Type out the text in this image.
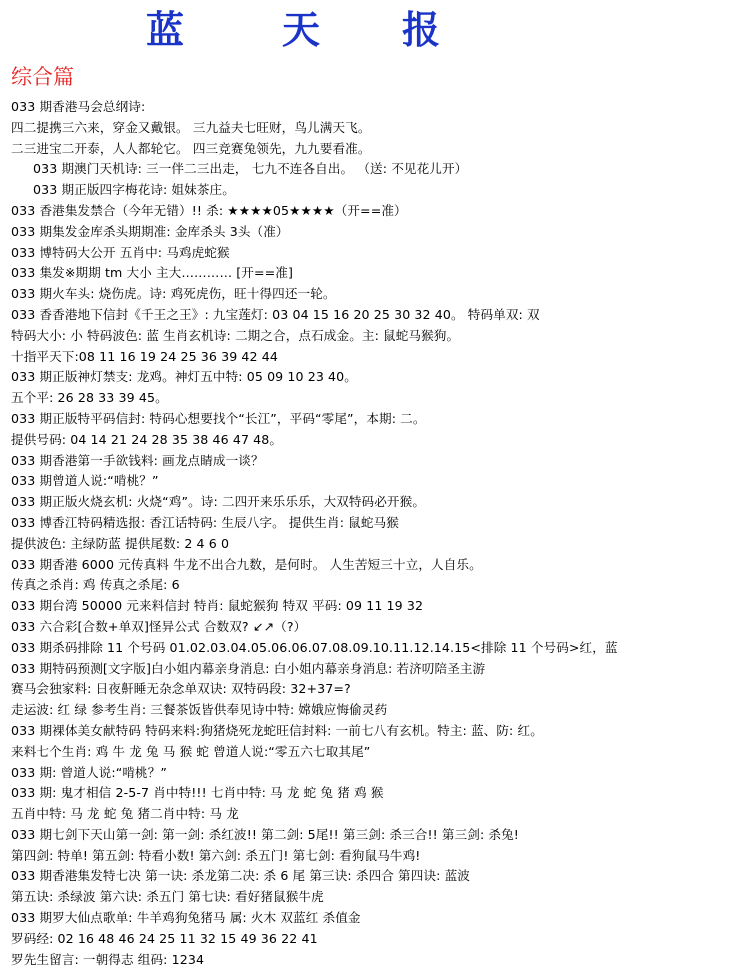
蓝	天 报
综合篇
033 期香港马会总纲诗:
四二提携三六来，穿金又戴银。 三九益夫七旺财，鸟儿满天飞。
二三进宝二开泰，人人都轮它。 四三竞赛兔领先，九九要看准。
033 期澳门天机诗: 三一伴二三出走， 七九不连各自出。 （送: 不见花儿开）
033 期正版四字梅花诗: 姐妹茶庄。
033 香港集发禁合（今年无错）!! 杀: ★★★★05★★★★（开==准）
033 期集发金库杀头期期准: 金库杀头 3头（准）
033 博特码大公开 五肖中: 马鸡虎蛇猴
033 集发※期期 tm 大小 主大………… [开==准]
033 期火车头: 烧伤虎。诗: 鸡死虎伤，旺十得四还一轮。
033 香香港地下信封《千王之王》: 九宝莲灯: 03 04 15 16 20 25 30 32 40。 特码单双: 双
特码大小: 小 特码波色: 蓝 生肖玄机诗: 二期之合，点石成金。主: 鼠蛇马猴狗。
十指平天下:08 11 16 19 24 25 36 39 42 44
033 期正版神灯禁支: 龙鸡。神灯五中特: 05 09 10 23 40。
五个平: 26 28 33 39 45。
033 期正版特平码信封: 特码心想要找个“长江”，平码“零尾”，本期: 二。
提供号码: 04 14 21 24 28 35 38 46 47 48。
033 期香港第一手欲钱料: 画龙点睛成一谈？
033 期曾道人说:“啃桃？”
033 期正版火烧玄机: 火烧“鸡”。诗: 二四开来乐乐乐，大双特码必开猴。
033 博香江特码精选报: 香江话特码: 生辰八字。 提供生肖: 鼠蛇马猴
提供波色: 主绿防蓝 提供尾数: 2 4 6 0
033 期香港 6000 元传真料 牛龙不出合九数，是何时。 人生苦短三十立，人自乐。
传真之杀肖: 鸡 传真之杀尾: 6
033 期台湾 50000 元来料信封 特肖: 鼠蛇猴狗 特双 平码: 09 11 19 32
033 六合彩[合数+单双]怪异公式 合数双? ↙↗（?）
033 期杀码排除 11 个号码 01.02.03.04.05.06.06.07.08.09.10.11.12.14.15<排除 11 个号码>红，蓝
033 期特码预测[文字版]白小姐内幕亲身消息: 白小姐内幕亲身消息: 若济叨陪圣主游
赛马会独家料: 日夜鼾睡无杂念单双诀: 双特码段: 32+37=?
走运波: 红 绿 参考生肖: 三餐茶饭皆供奉见诗中特: 嫦娥应悔偷灵药
033 期裸体美女献特码 特码来料:狗猪烧死龙蛇旺信封料: 一前七八有玄机。特主: 蓝、防: 红。
来料七个生肖: 鸡 牛 龙 兔 马 猴 蛇 曾道人说:“零五六七取其尾”
033 期: 曾道人说:“啃桃？”
033 期: 鬼才相信 2-5-7 肖中特!!! 七肖中特: 马 龙 蛇 兔 猪 鸡 猴
五肖中特: 马 龙 蛇 兔 猪二肖中特: 马 龙
033 期七剑下天山第一剑: 第一剑: 杀红波!! 第二剑: 5尾!! 第三剑: 杀三合!! 第三剑: 杀兔!
第四剑: 特单! 第五剑: 特看小数! 第六剑: 杀五门! 第七剑: 看狗鼠马牛鸡!
033 期香港集发特七决 第一诀: 杀龙第二决: 杀 6 尾 第三诀: 杀四合 第四诀: 蓝波
第五诀: 杀绿波 第六诀: 杀五门 第七诀: 看好猪鼠猴牛虎
033 期罗大仙点歌单: 牛羊鸡狗兔猪马 属: 火木 双蓝红 杀值金
罗码经: 02 16 48 46 24 25 11 32 15 49 36 22 41
罗先生留言: 一朝得志 组码: 1234
